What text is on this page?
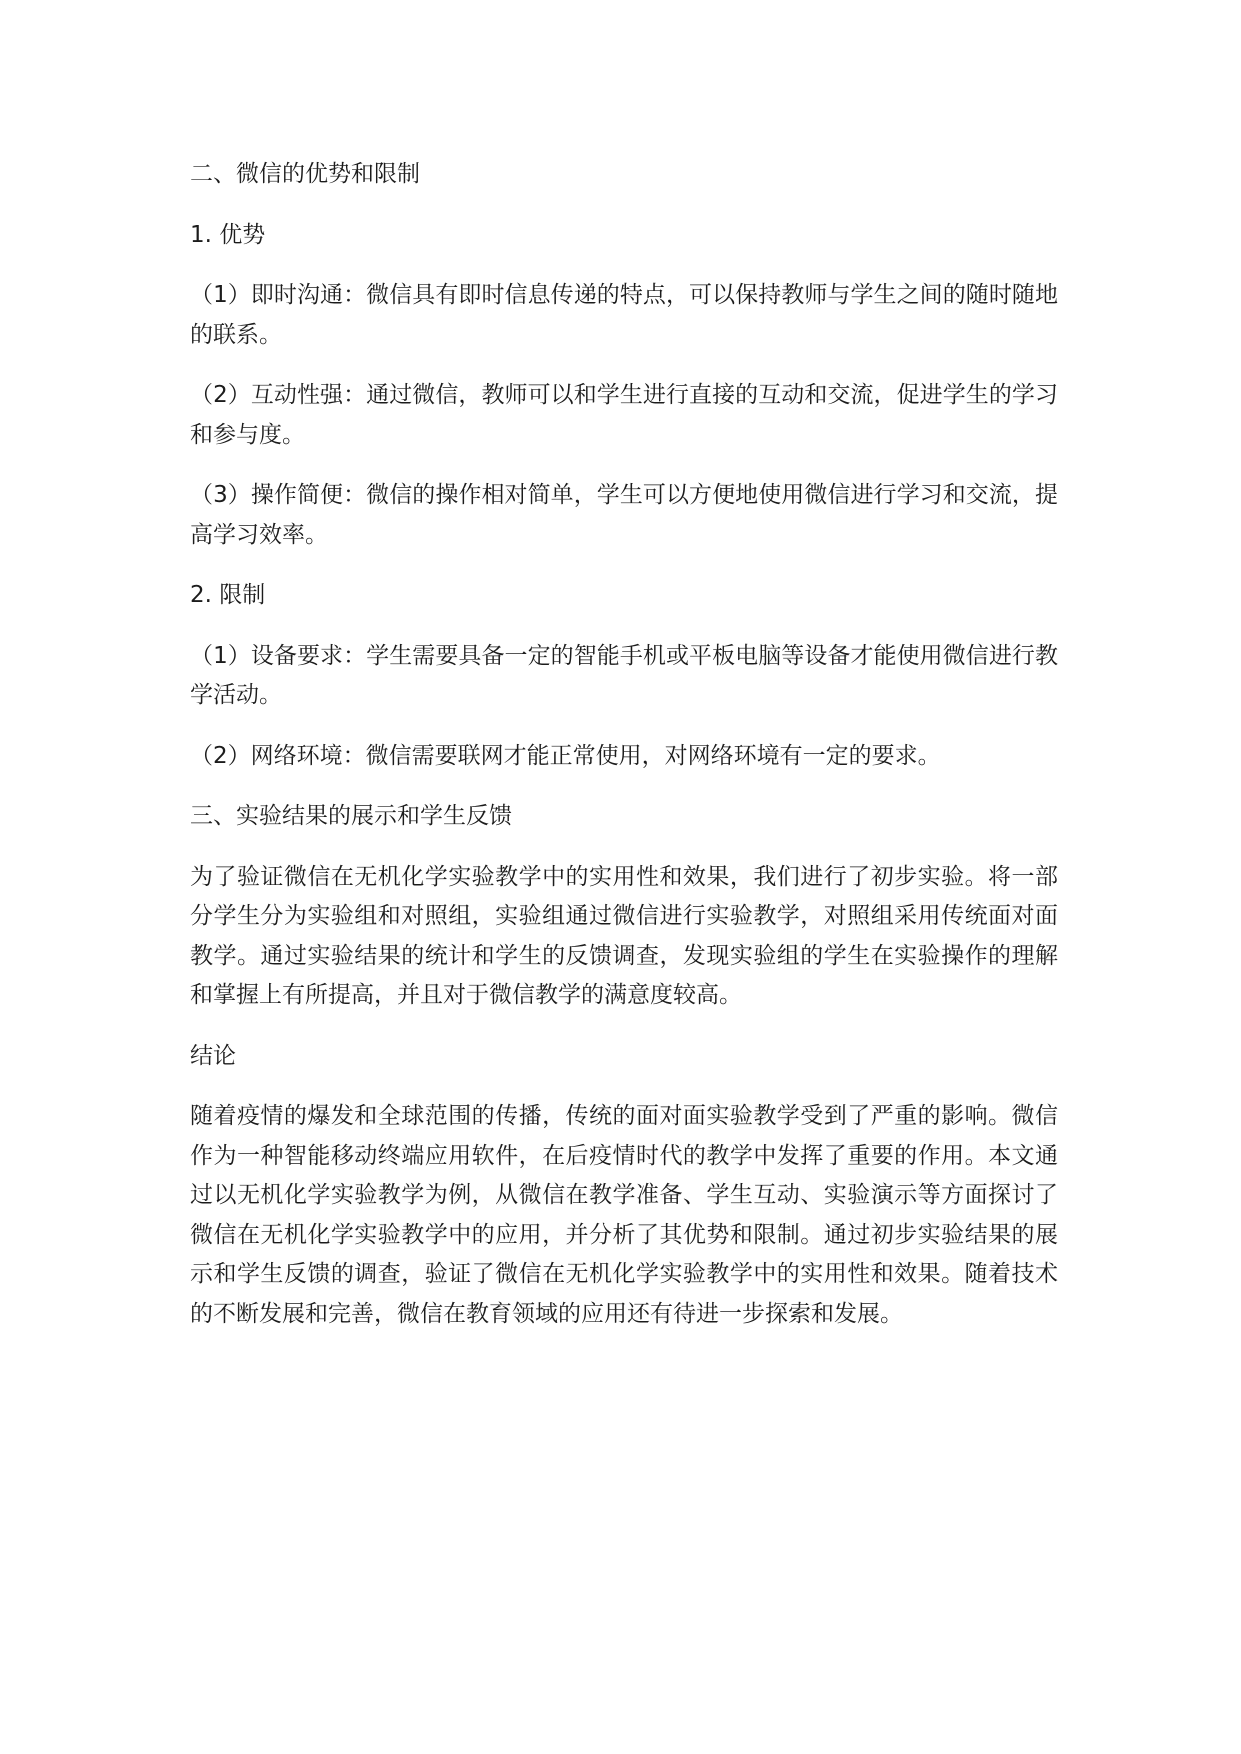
二、微信的优势和限制

1. 优势

（1）即时沟通：微信具有即时信息传递的特点，可以保持教师与学生之间的随时随地
的联系。

（2）互动性强：通过微信，教师可以和学生进行直接的互动和交流，促进学生的学习
和参与度。

（3）操作简便：微信的操作相对简单，学生可以方便地使用微信进行学习和交流，提
高学习效率。

2. 限制

（1）设备要求：学生需要具备一定的智能手机或平板电脑等设备才能使用微信进行教
学活动。

（2）网络环境：微信需要联网才能正常使用，对网络环境有一定的要求。

三、实验结果的展示和学生反馈

为了验证微信在无机化学实验教学中的实用性和效果，我们进行了初步实验。将一部
分学生分为实验组和对照组，实验组通过微信进行实验教学，对照组采用传统面对面
教学。通过实验结果的统计和学生的反馈调查，发现实验组的学生在实验操作的理解
和掌握上有所提高，并且对于微信教学的满意度较高。

结论

随着疫情的爆发和全球范围的传播，传统的面对面实验教学受到了严重的影响。微信
作为一种智能移动终端应用软件，在后疫情时代的教学中发挥了重要的作用。本文通
过以无机化学实验教学为例，从微信在教学准备、学生互动、实验演示等方面探讨了
微信在无机化学实验教学中的应用，并分析了其优势和限制。通过初步实验结果的展
示和学生反馈的调查，验证了微信在无机化学实验教学中的实用性和效果。随着技术
的不断发展和完善，微信在教育领域的应用还有待进一步探索和发展。
